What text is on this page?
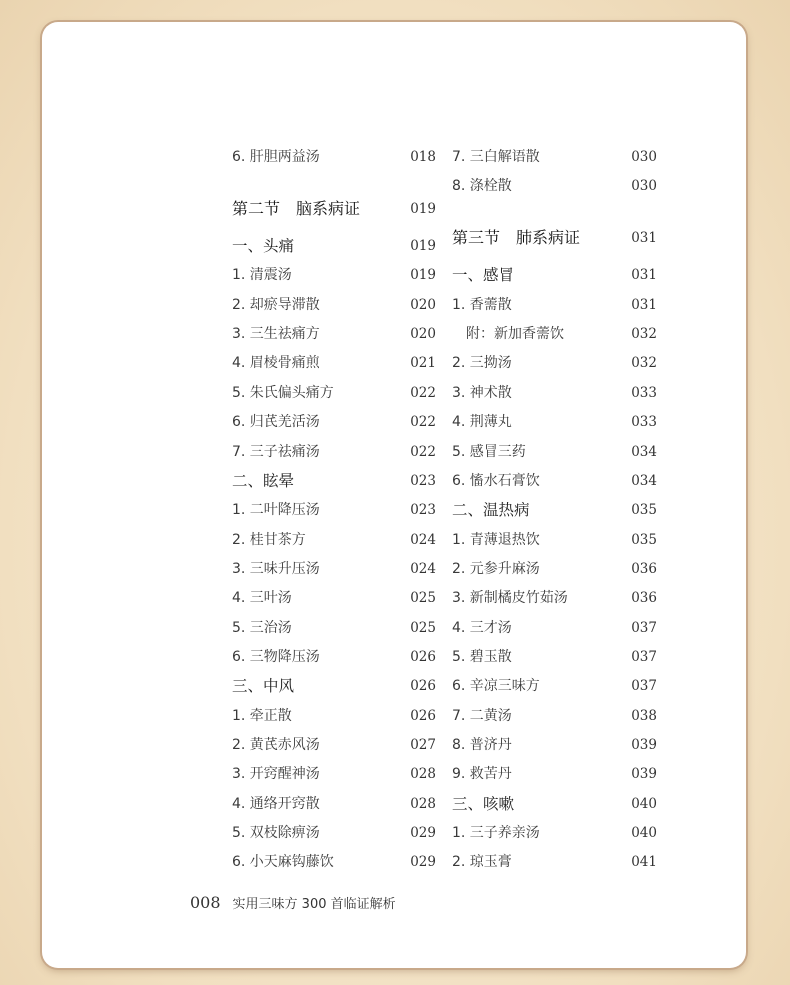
6. 肝胆两益汤	018
第二节　脑系病证	019
一、头痛	019
1. 清震汤	019
2. 却瘀导滞散	020
3. 三生祛痛方	020
4. 眉棱骨痛煎	021
5. 朱氏偏头痛方	022
6. 归芪羌活汤	022
7. 三子祛痛汤	022
二、眩晕	023
1. 二叶降压汤	023
2. 桂甘茶方	024
3. 三味升压汤	024
4. 三叶汤	025
5. 三治汤	025
6. 三物降压汤	026
三、中风	026
1. 牵正散	026
2. 黄芪赤风汤	027
3. 开窍醒神汤	028
4. 通络开窍散	028
5. 双枝除痹汤	029
6. 小天麻钩藤饮	029
7. 三白解语散	030
8. 涤栓散	030
第三节　肺系病证	031
一、感冒	031
1. 香薷散	031
附：新加香薷饮	032
2. 三拗汤	032
3. 神术散	033
4. 荆薄丸	033
5. 感冒三药	034
6. 慉水石膏饮	034
二、温热病	035
1. 青薄退热饮	035
2. 元参升麻汤	036
3. 新制橘皮竹茹汤	036
4. 三才汤	037
5. 碧玉散	037
6. 辛凉三味方	037
7. 二黄汤	038
8. 普济丹	039
9. 救苦丹	039
三、咳嗽	040
1. 三子养亲汤	040
2. 琼玉膏	041
008 实用三味方 300 首临证解析
